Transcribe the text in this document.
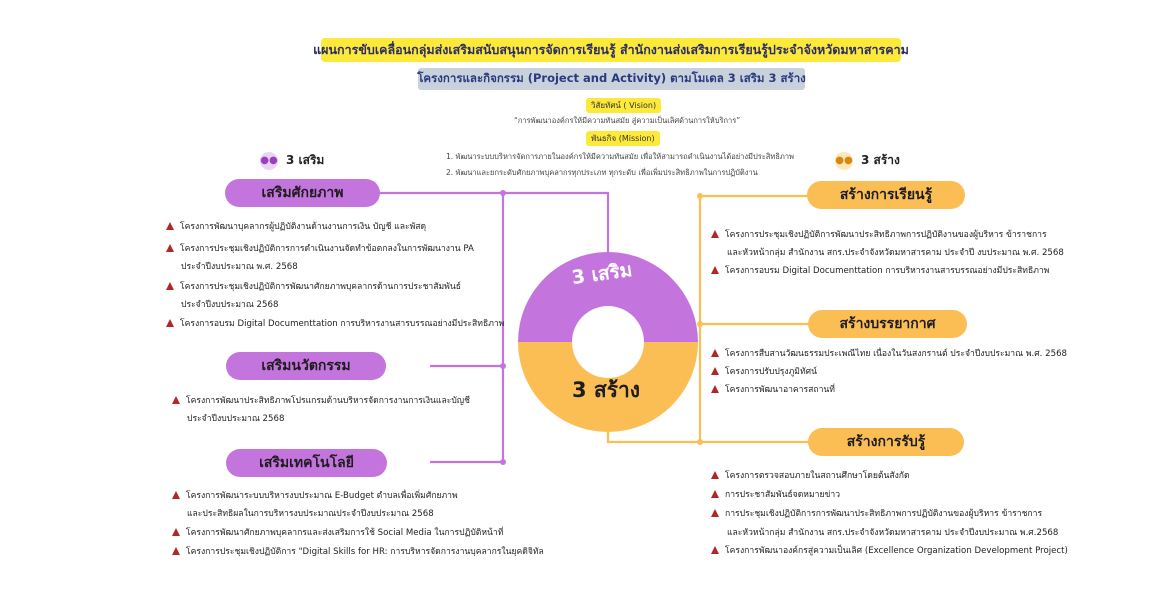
3 เสริม
3 สร้าง
แผนการขับเคลื่อนกลุ่มส่งเสริมสนับสนุนการจัดการเรียนรู้ สำนักงานส่งเสริมการเรียนรู้ประจำจังหวัดมหาสารคาม
โครงการและกิจกรรม (Project and Activity) ตามโมเดล 3 เสริม 3 สร้าง
วิสัยทัศน์ ( Vision)
“การพัฒนาองค์กรให้มีความทันสมัย สู่ความเป็นเลิศด้านการให้บริการ”
พันธกิจ (Mission)
1. พัฒนาระบบบริหารจัดการภายในองค์กรให้มีความทันสมัย เพื่อให้สามารถดำเนินงานได้อย่างมีประสิทธิภาพ
2. พัฒนาและยกระดับศักยภาพบุคลากรทุกประเภท ทุกระดับ เพื่อเพิ่มประสิทธิภาพในการปฏิบัติงาน
●● 3 เสริม	●● 3 สร้าง
เสริมศักยภาพ
โครงการพัฒนาบุคลากรผู้ปฏิบัติงานด้านงานการเงิน บัญชี และพัสดุ
โครงการประชุมเชิงปฏิบัติการการดำเนินงานจัดทำข้อตกลงในการพัฒนางาน PA
ประจำปีงบประมาณ พ.ศ. 2568
โครงการประชุมเชิงปฏิบัติการพัฒนาศักยภาพบุคลากรด้านการประชาสัมพันธ์
ประจำปีงบประมาณ 2568
โครงการอบรม Digital Documenttation การบริหารงานสารบรรณอย่างมีประสิทธิภาพ
เสริมนวัตกรรม
โครงการพัฒนาประสิทธิภาพโปรแกรมด้านบริหารจัดการงานการเงินและบัญชี
ประจำปีงบประมาณ 2568
เสริมเทคโนโลยี
โครงการพัฒนาระบบบริหารงบประมาณ E-Budget ตำบลเพื่อเพิ่มศักยภาพ
และประสิทธิผลในการบริหารงบประมาณประจำปีงบประมาณ 2568
โครงการพัฒนาศักยภาพบุคลากรและส่งเสริมการใช้ Social Media ในการปฏิบัติหน้าที่
โครงการประชุมเชิงปฏิบัติการ "Digital Skills for HR: การบริหารจัดการงานบุคลากรในยุคดิจิทัล
สร้างการเรียนรู้
โครงการประชุมเชิงปฏิบัติการพัฒนาประสิทธิภาพการปฏิบัติงานของผู้บริหาร ข้าราชการ
และหัวหน้ากลุ่ม สำนักงาน สกร.ประจำจังหวัดมหาสารคาม ประจำปี งบประมาณ พ.ศ. 2568
โครงการอบรม Digital Documenttation การบริหารงานสารบรรณอย่างมีประสิทธิภาพ
สร้างบรรยากาศ
โครงการสืบสานวัฒนธรรมประเพณีไทย เนื่องในวันสงกรานต์ ประจำปีงบประมาณ พ.ศ. 2568
โครงการปรับปรุงภูมิทัศน์
โครงการพัฒนาอาคารสถานที่
สร้างการรับรู้
โครงการตรวจสอบภายในสถานศึกษาโดยต้นสังกัด
การประชาสัมพันธ์จดหมายข่าว
การประชุมเชิงปฏิบัติการการพัฒนาประสิทธิภาพการปฏิบัติงานของผู้บริหาร ข้าราชการ
และหัวหน้ากลุ่ม สำนักงาน สกร.ประจำจังหวัดมหาสารคาม ประจำปีงบประมาณ พ.ศ.2568
โครงการพัฒนาองค์กรสู่ความเป็นเลิศ (Excellence Organization Development Project)
